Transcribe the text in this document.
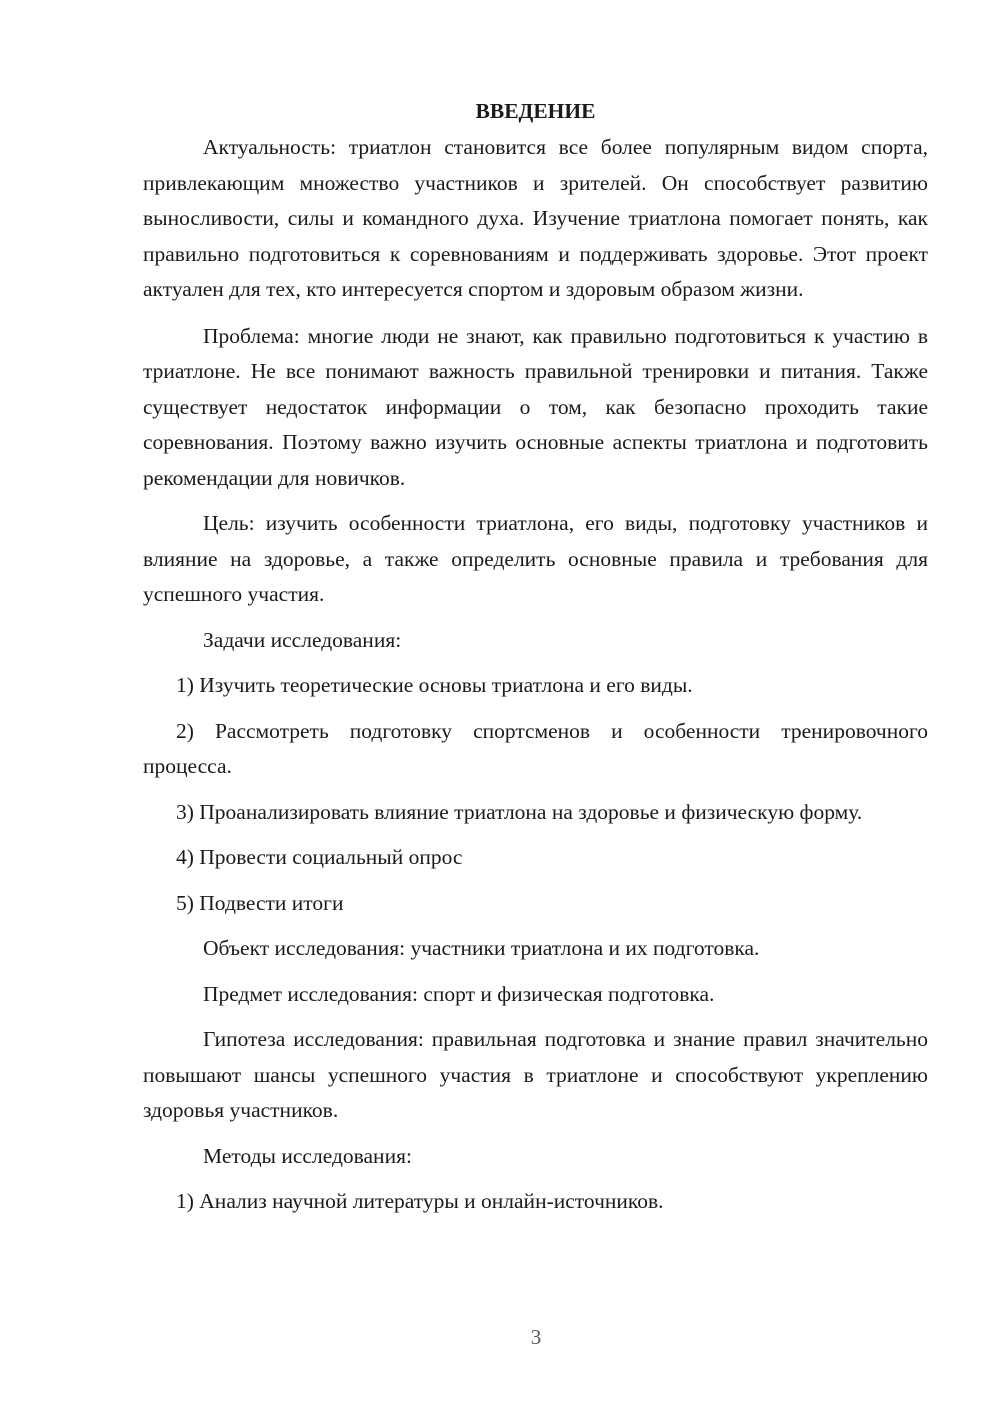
ВВЕДЕНИЕ

Актуальность: триатлон становится все более популярным видом спорта, привлекающим множество участников и зрителей. Он способствует развитию выносливости, силы и командного духа. Изучение триатлона помогает понять, как правильно подготовиться к соревнованиям и поддерживать здоровье. Этот проект актуален для тех, кто интересуется спортом и здоровым образом жизни.

Проблема: многие люди не знают, как правильно подготовиться к участию в триатлоне. Не все понимают важность правильной тренировки и питания. Также существует недостаток информации о том, как безопасно проходить такие соревнования. Поэтому важно изучить основные аспекты триатлона и подготовить рекомендации для новичков.

Цель: изучить особенности триатлона, его виды, подготовку участников и влияние на здоровье, а также определить основные правила и требования для успешного участия.

Задачи исследования:

1) Изучить теоретические основы триатлона и его виды.

2) Рассмотреть подготовку спортсменов и особенности тренировочного процесса.

3) Проанализировать влияние триатлона на здоровье и физическую форму.

4) Провести социальный опрос

5) Подвести итоги

Объект исследования: участники триатлона и их подготовка.

Предмет исследования: спорт и физическая подготовка.

Гипотеза исследования: правильная подготовка и знание правил значительно повышают шансы успешного участия в триатлоне и способствуют укреплению здоровья участников.

Методы исследования:

1) Анализ научной литературы и онлайн-источников.

3
